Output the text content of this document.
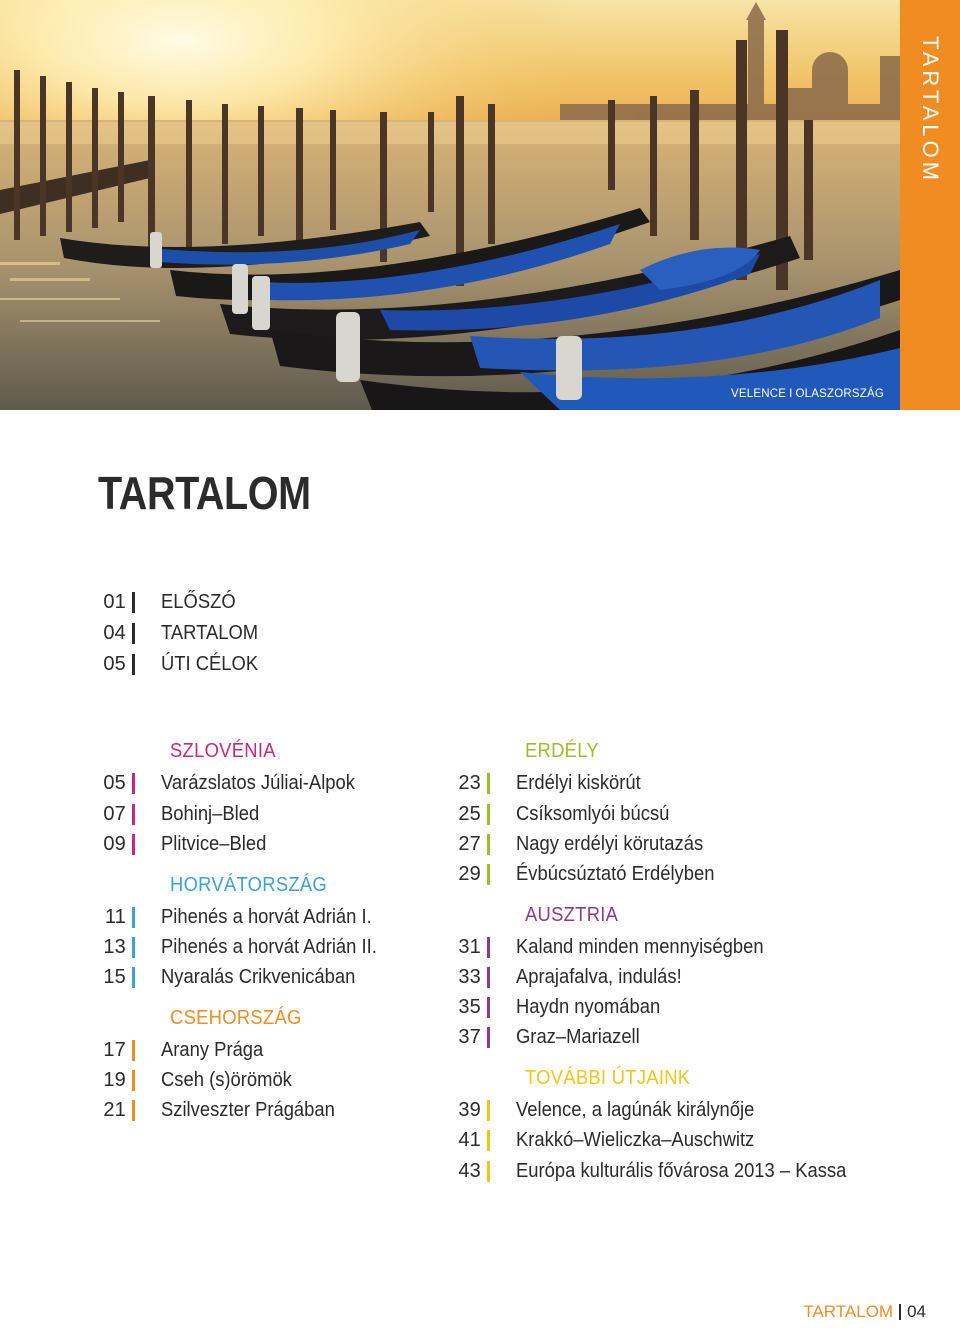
VELENCE I OLASZORSZÁG
TARTALOM
TARTALOM
01 ELŐSZÓ
04 TARTALOM
05 ÚTI CÉLOK
SZLOVÉNIA
05 Varázslatos Júliai-Alpok
07 Bohinj–Bled
09 Plitvice–Bled
HORVÁTORSZÁG
11 Pihenés a horvát Adrián I.
13 Pihenés a horvát Adrián II.
15 Nyaralás Crikvenicában
CSEHORSZÁG
17 Arany Prága
19 Cseh (s)örömök
21 Szilveszter Prágában
ERDÉLY
23 Erdélyi kiskörút
25 Csíksomlyói búcsú
27 Nagy erdélyi körutazás
29 Évbúcsúztató Erdélyben
AUSZTRIA
31 Kaland minden mennyiségben
33 Aprajafalva, indulás!
35 Haydn nyomában
37 Graz–Mariazell
TOVÁBBI ÚTJAINK
39 Velence, a lagúnák királynője
41 Krakkó–Wieliczka–Auschwitz
43 Európa kulturális fővárosa 2013 – Kassa
TARTALOM 04
